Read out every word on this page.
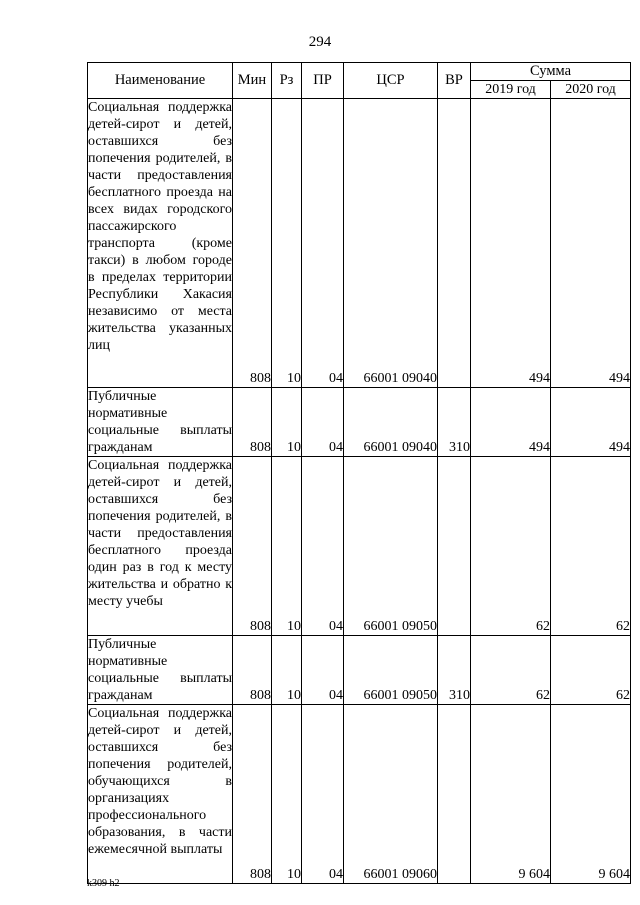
294
Наименование	Мин	Рз	ПР	ЦСР	ВР	Сумма	
						2019 год	2020 год
Социальная поддержка детей-сирот и детей, оставшихся без попечения родителей, в части предоставления бесплатного проезда на всех видах городского пассажирского транспорта (кроме такси) в любом городе в пределах территории Республики Хакасия независимо от места жительства указанных лиц	808	10	04	66001 09040		494	494
Публичные нормативные социальные выплаты гражданам	808	10	04	66001 09040	310	494	494
Социальная поддержка детей-сирот и детей, оставшихся без попечения родителей, в части предоставления бесплатного проезда один раз в год к месту жительства и обратно к месту учебы	808	10	04	66001 09050		62	62
Публичные нормативные социальные выплаты гражданам	808	10	04	66001 09050	310	62	62
Социальная поддержка детей-сирот и детей, оставшихся без попечения родителей, обучающихся в организациях профессионального образования, в части ежемесячной выплаты	808	10	04	66001 09060		9 604	9 604
k309 h2
